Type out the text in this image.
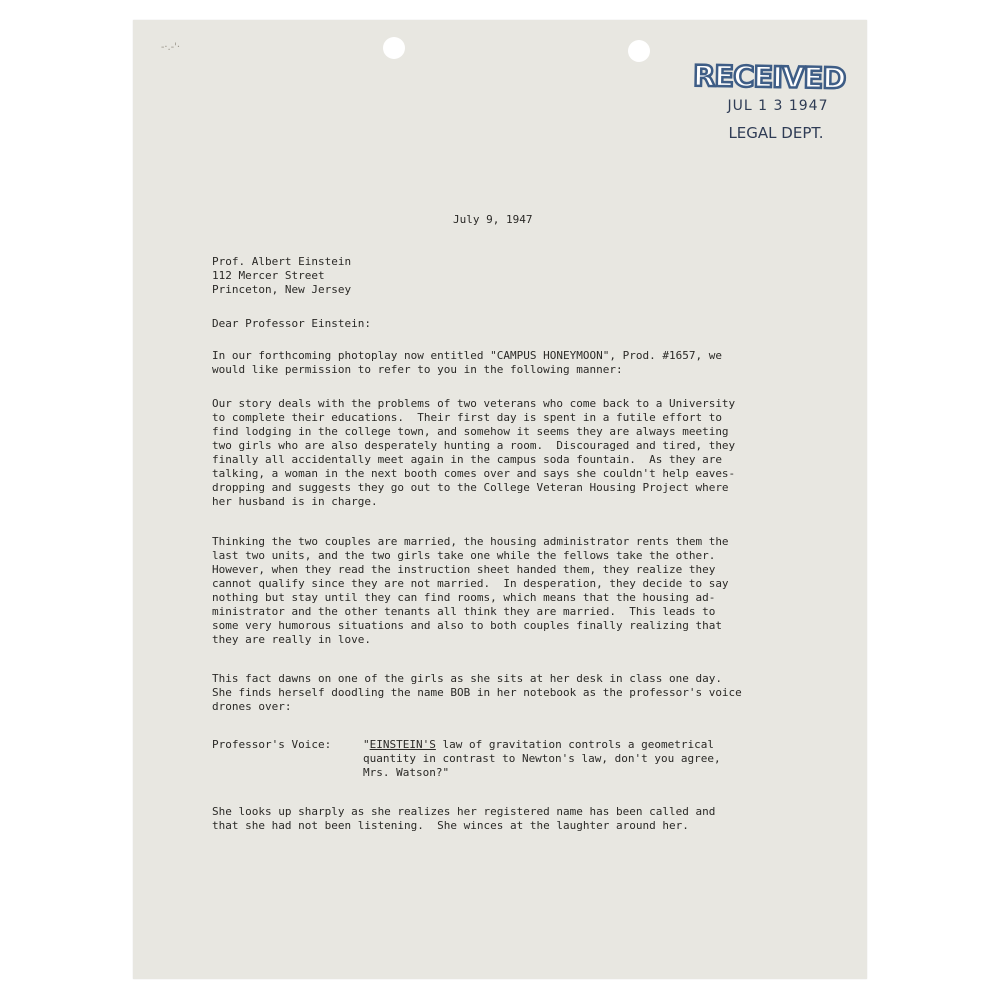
-·.-'·
RECEIVED
JUL 1 3 1947
LEGAL DEPT.
July 9, 1947
Prof. Albert Einstein
112 Mercer Street
Princeton, New Jersey
Dear Professor Einstein:
In our forthcoming photoplay now entitled "CAMPUS HONEYMOON", Prod. #1657, we
would like permission to refer to you in the following manner:
Our story deals with the problems of two veterans who come back to a University
to complete their educations.  Their first day is spent in a futile effort to
find lodging in the college town, and somehow it seems they are always meeting
two girls who are also desperately hunting a room.  Discouraged and tired, they
finally all accidentally meet again in the campus soda fountain.  As they are
talking, a woman in the next booth comes over and says she couldn't help eaves-
dropping and suggests they go out to the College Veteran Housing Project where
her husband is in charge.
Thinking the two couples are married, the housing administrator rents them the
last two units, and the two girls take one while the fellows take the other.
However, when they read the instruction sheet handed them, they realize they
cannot qualify since they are not married.  In desperation, they decide to say
nothing but stay until they can find rooms, which means that the housing ad-
ministrator and the other tenants all think they are married.  This leads to
some very humorous situations and also to both couples finally realizing that
they are really in love.
This fact dawns on one of the girls as she sits at her desk in class one day.
She finds herself doodling the name BOB in her notebook as the professor's voice
drones over:
Professor's Voice:	"EINSTEIN'S law of gravitation controls a geometrical
quantity in contrast to Newton's law, don't you agree,
Mrs. Watson?"
She looks up sharply as she realizes her registered name has been called and
that she had not been listening.  She winces at the laughter around her.
